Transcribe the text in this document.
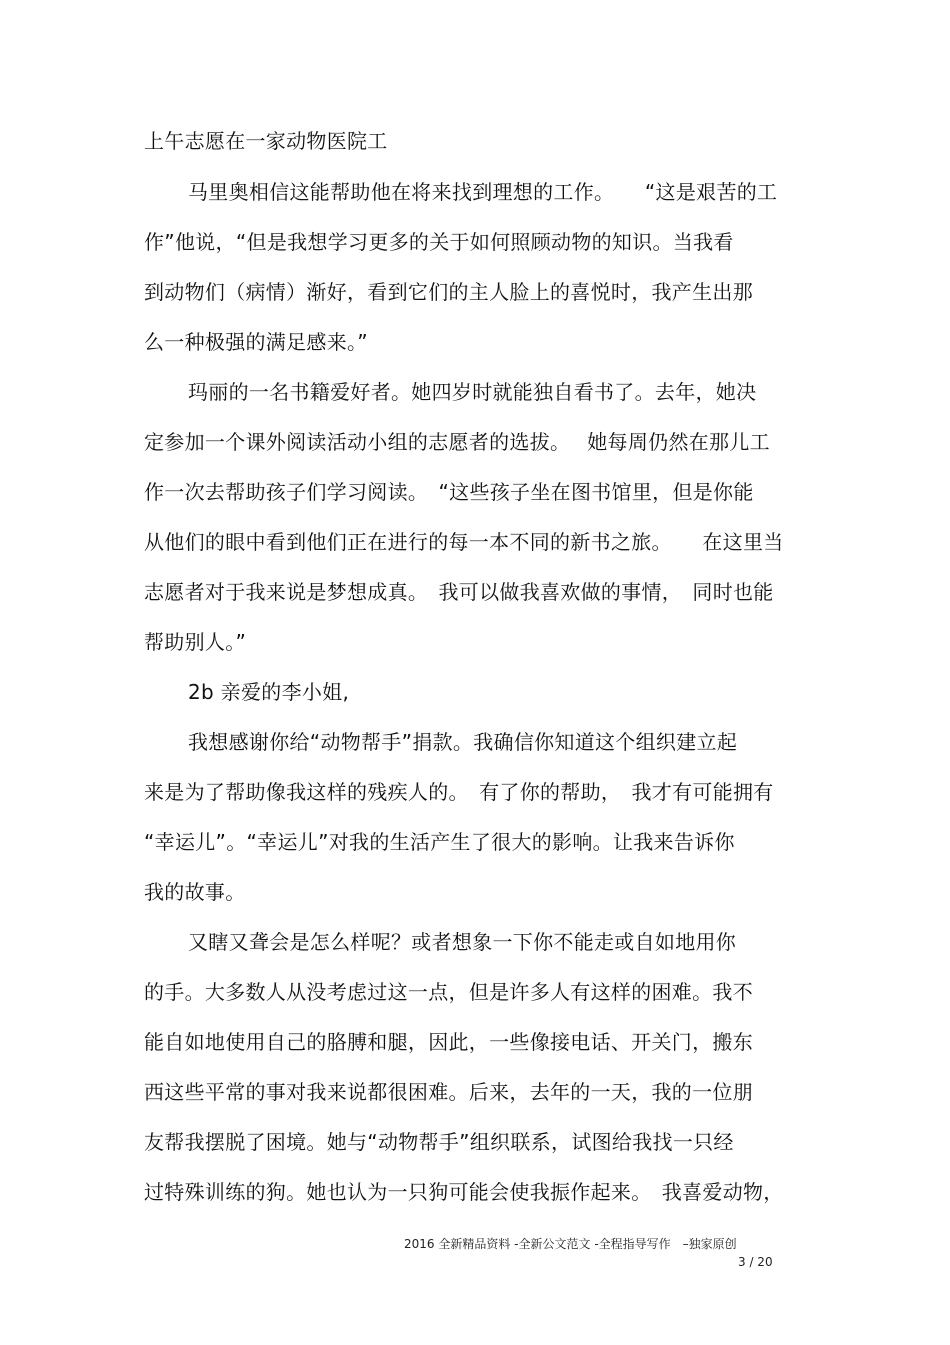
上午志愿在一家动物医院工
马里奥相信这能帮助他在将来找到理想的工作。　　“这是艰苦的工
作”他说，“但是我想学习更多的关于如何照顾动物的知识。当我看
到动物们（病情）渐好，看到它们的主人脸上的喜悦时，我产生出那
么一种极强的满足感来。”
玛丽的一名书籍爱好者。她四岁时就能独自看书了。去年，她决
定参加一个课外阅读活动小组的志愿者的选拔。　 她每周仍然在那儿工
作一次去帮助孩子们学习阅读。　“这些孩子坐在图书馆里，但是你能
从他们的眼中看到他们正在进行的每一本不同的新书之旅。　　在这里当
志愿者对于我来说是梦想成真。　我可以做我喜欢做的事情，　同时也能
帮助别人。”
2b 亲爱的李小姐,
我想感谢你给“动物帮手”捐款。我确信你知道这个组织建立起
来是为了帮助像我这样的残疾人的。　有了你的帮助，　我才有可能拥有
“幸运儿”。“幸运儿”对我的生活产生了很大的影响。让我来告诉你
我的故事。
又瞎又聋会是怎么样呢？或者想象一下你不能走或自如地用你
的手。大多数人从没考虑过这一点，但是许多人有这样的困难。我不
能自如地使用自己的胳膊和腿，因此，一些像接电话、开关门，搬东
西这些平常的事对我来说都很困难。后来，去年的一天，我的一位朋
友帮我摆脱了困境。她与“动物帮手”组织联系，试图给我找一只经
过特殊训练的狗。她也认为一只狗可能会使我振作起来。　我喜爱动物，
2016 全新精品资料 -全新公文范文 -全程指导写作　–独家原创
3 / 20
